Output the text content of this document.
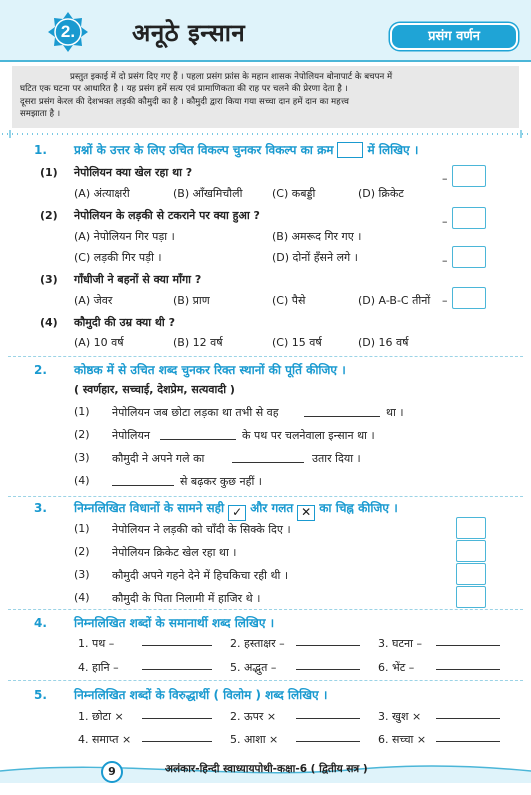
2.	अनूठे इन्सान	प्रसंग वर्णन
प्रस्तुत इकाई में दो प्रसंग दिए गए हैं । पहला प्रसंग फ्रांस के महान शासक नेपोलियन बोनापार्ट के बचपन में
घटित एक घटना पर आधारित है । यह प्रसंग हमें सत्य एवं प्रामाणिकता की राह पर चलने की प्रेरणा देता है ।
दूसरा प्रसंग केरल की देशभक्त लड़की कौमुदी का है । कौमुदी द्वारा किया गया सच्चा दान हमें दान का महत्त्व
समझाता है ।
1. प्रश्नों के उत्तर के लिए उचित विकल्प चुनकर विकल्प का क्रम	में लिखिए ।
(1) नेपोलियन क्या खेल रहा था ?
(A) अंत्याक्षरी	(B) आँखमिचौली	(C) कबड्डी	(D) क्रिकेट
–
(2) नेपोलियन के लड़की से टकराने पर क्या हुआ ?
(A) नेपोलियन गिर पड़ा ।	(B) अमरूद गिर गए ।
(C) लड़की गिर पड़ी ।	(D) दोनों हँसने लगे ।
–
–
(3) गाँधीजी ने बहनों से क्या माँगा ?
(A) जेवर	(B) प्राण	(C) पैसे	(D) A-B-C तीनों –
(4) कौमुदी की उम्र क्या थी ?
(A) 10 वर्ष	(B) 12 वर्ष	(C) 15 वर्ष	(D) 16 वर्ष
2. कोष्ठक में से उचित शब्द चुनकर रिक्त स्थानों की पूर्ति कीजिए ।
( स्वर्णहार, सच्चाई, देशप्रेम, सत्यवादी )
(1) नेपोलियन जब छोटा लड़का था तभी से वह	था ।
(2) नेपोलियन	के पथ पर चलनेवाला इन्सान था ।
(3) कौमुदी ने अपने गले का	उतार दिया ।
(4)	से बढ़कर कुछ नहीं ।
3. निम्नलिखित विधानों के सामने सही ✓ और गलत ✕ का चिह्न कीजिए ।
(1) नेपोलियन ने लड़की को चाँदी के सिक्के दिए ।
(2) नेपोलियन क्रिकेट खेल रहा था ।
(3) कौमुदी अपने गहने देने में हिचकिचा रही थी ।
(4) कौमुदी के पिता निलामी में हाजिर थे ।
4. निम्नलिखित शब्दों के समानार्थी शब्द लिखिए ।
1. पथ –	2. हस्ताक्षर –	3. घटना –
4. हानि –	5. अद्भुत –	6. भेंट –
5. निम्नलिखित शब्दों के विरुद्धार्थी ( विलोम ) शब्द लिखिए ।
1. छोटा ×	2. ऊपर ×	3. खुश ×
4. समाप्त ×	5. आशा ×	6. सच्चा ×
9	अलंकार-हिन्दी स्वाध्यायपोथी-कक्षा-6 ( द्वितीय सत्र )
